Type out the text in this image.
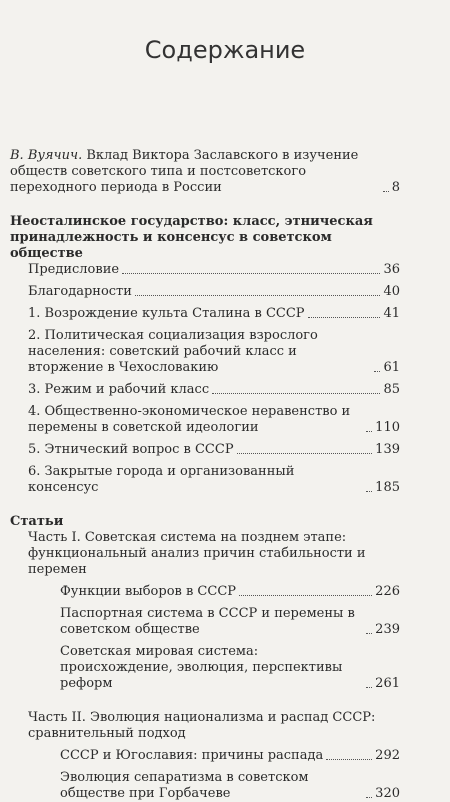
Содержание
В. Вуячич. Вклад Виктора Заславского в изучение обществ советского типа и постсоветского переходного периода в России	8
Неосталинское государство: класс, этническая принадлежность и консенсус в советском обществе
Предисловие	36
Благодарности	40
1. Возрождение культа Сталина в СССР	41
2. Политическая социализация взрослого населения: советский рабочий класс и вторжение в Чехословакию	61
3. Режим и рабочий класс	85
4. Общественно-экономическое неравенство и перемены в советской идеологии	110
5. Этнический вопрос в СССР	139
6. Закрытые города и организованный консенсус	185
Статьи
Часть I. Советская система на позднем этапе: функциональный анализ причин стабильности и перемен
Функции выборов в СССР	226
Паспортная система в СССР и перемены в советском обществе	239
Советская мировая система: происхождение, эволюция, перспективы реформ	261
Часть II. Эволюция национализма и распад СССР: сравнительный подход
СССР и Югославия: причины распада	292
Эволюция сепаратизма в советском обществе при Горбачеве	320
